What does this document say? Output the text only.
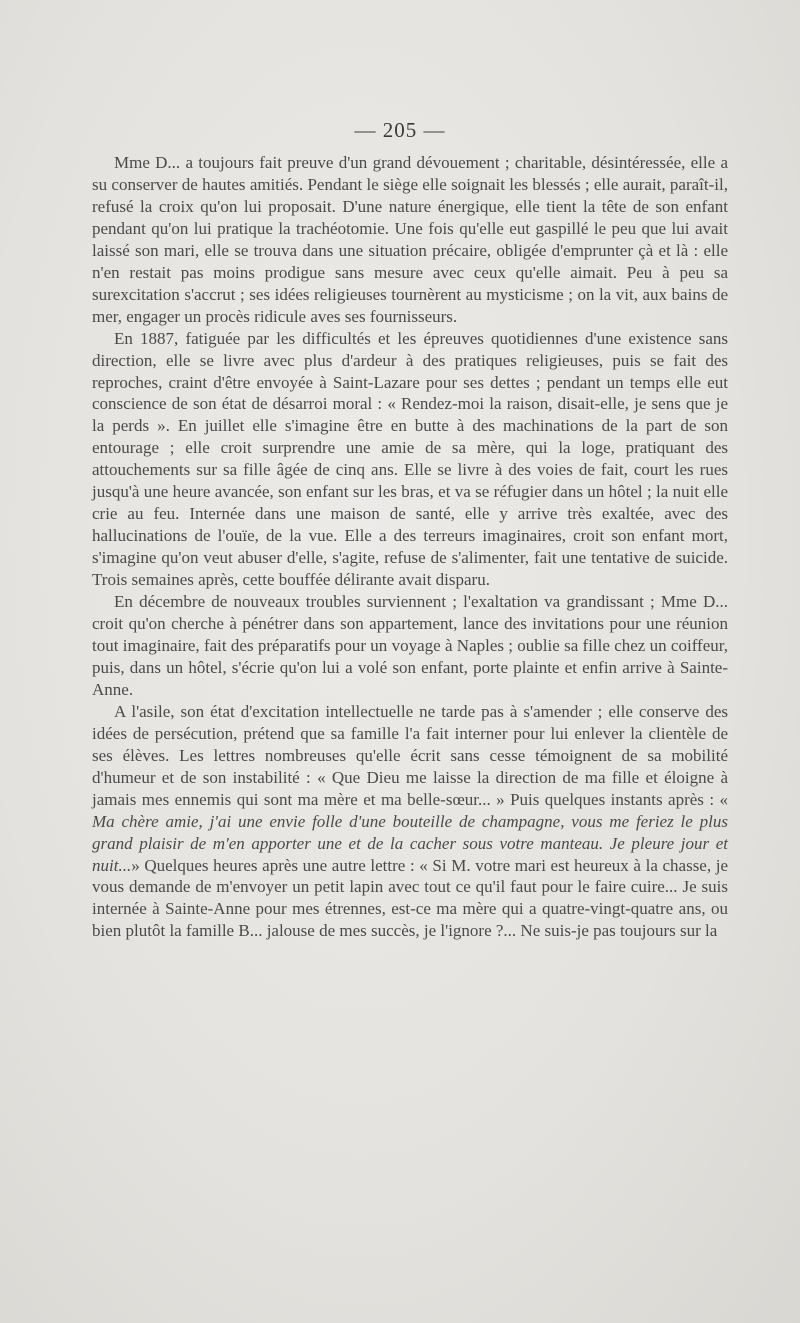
— 205 —

Mme D... a toujours fait preuve d'un grand dévouement ; charitable, désintéressée, elle a su conserver de hautes amitiés. Pendant le siège elle soignait les blessés ; elle aurait, paraît-il, refusé la croix qu'on lui proposait. D'une nature énergique, elle tient la tête de son enfant pendant qu'on lui pratique la trachéotomie. Une fois qu'elle eut gaspillé le peu que lui avait laissé son mari, elle se trouva dans une situation précaire, obligée d'emprunter çà et là : elle n'en restait pas moins prodigue sans mesure avec ceux qu'elle aimait. Peu à peu sa surexcitation s'accrut ; ses idées religieuses tournèrent au mysticisme ; on la vit, aux bains de mer, engager un procès ridicule aves ses fournisseurs.

En 1887, fatiguée par les difficultés et les épreuves quotidiennes d'une existence sans direction, elle se livre avec plus d'ardeur à des pratiques religieuses, puis se fait des reproches, craint d'être envoyée à Saint-Lazare pour ses dettes ; pendant un temps elle eut conscience de son état de désarroi moral : « Rendez-moi la raison, disait-elle, je sens que je la perds ». En juillet elle s'imagine être en butte à des machinations de la part de son entourage ; elle croit surprendre une amie de sa mère, qui la loge, pratiquant des attouchements sur sa fille âgée de cinq ans. Elle se livre à des voies de fait, court les rues jusqu'à une heure avancée, son enfant sur les bras, et va se réfugier dans un hôtel ; la nuit elle crie au feu. Internée dans une maison de santé, elle y arrive très exaltée, avec des hallucinations de l'ouïe, de la vue. Elle a des terreurs imaginaires, croit son enfant mort, s'imagine qu'on veut abuser d'elle, s'agite, refuse de s'alimenter, fait une tentative de suicide. Trois semaines après, cette bouffée délirante avait disparu.

En décembre de nouveaux troubles surviennent ; l'exaltation va grandissant ; Mme D... croit qu'on cherche à pénétrer dans son appartement, lance des invitations pour une réunion tout imaginaire, fait des préparatifs pour un voyage à Naples ; oublie sa fille chez un coiffeur, puis, dans un hôtel, s'écrie qu'on lui a volé son enfant, porte plainte et enfin arrive à Sainte-Anne.

A l'asile, son état d'excitation intellectuelle ne tarde pas à s'amender ; elle conserve des idées de persécution, prétend que sa famille l'a fait interner pour lui enlever la clientèle de ses élèves. Les lettres nombreuses qu'elle écrit sans cesse témoignent de sa mobilité d'humeur et de son instabilité : « Que Dieu me laisse la direction de ma fille et éloigne à jamais mes ennemis qui sont ma mère et ma belle-sœur... » Puis quelques instants après : « Ma chère amie, j'ai une envie folle d'une bouteille de champagne, vous me feriez le plus grand plaisir de m'en apporter une et de la cacher sous votre manteau. Je pleure jour et nuit...» Quelques heures après une autre lettre : « Si M. votre mari est heureux à la chasse, je vous demande de m'envoyer un petit lapin avec tout ce qu'il faut pour le faire cuire... Je suis internée à Sainte-Anne pour mes étrennes, est-ce ma mère qui a quatre-vingt-quatre ans, ou bien plutôt la famille B... jalouse de mes succès, je l'ignore ?... Ne suis-je pas toujours sur la
